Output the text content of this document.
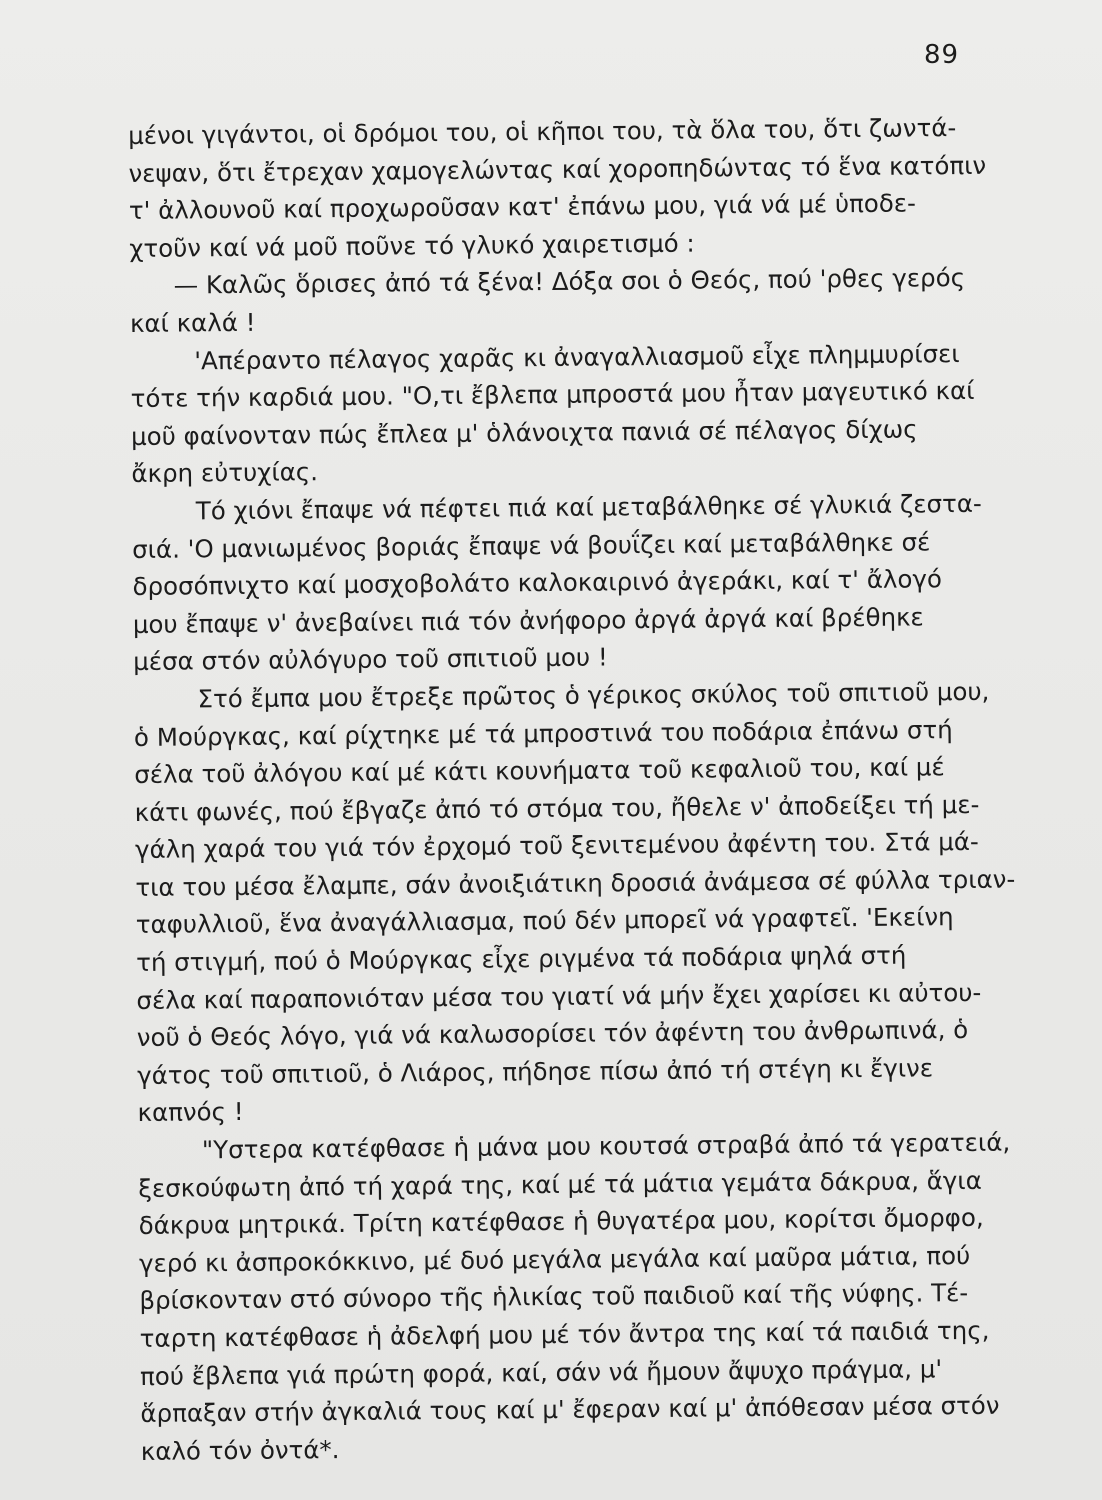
89
μένοι γιγάντοι, οἱ δρόμοι του, οἱ κῆποι του, τὰ ὅλα του, ὅτι ζωντά-
νεψαν, ὅτι ἔτρεχαν χαμογελώντας καί χοροπηδώντας τό ἕνα κατόπιν
τ' ἀλλουνοῦ καί προχωροῦσαν κατ' ἐπάνω μου, γιά νά μέ ὑποδε-
χτοῦν καί νά μοῦ ποῦνε τό γλυκό χαιρετισμό :
— Καλῶς ὅρισες ἀπό τά ξένα! Δόξα σοι ὁ Θεός, πού 'ρθες γερός
καί καλά !
'Απέραντο πέλαγος χαρᾶς κι ἀναγαλλιασμοῦ εἶχε πλημμυρίσει
τότε τήν καρδιά μου. "Ο,τι ἔβλεπα μπροστά μου ἦταν μαγευτικό καί
μοῦ φαίνονταν πώς ἔπλεα μ' ὁλάνοιχτα πανιά σέ πέλαγος δίχως
ἄκρη εὐτυχίας.
Τό χιόνι ἔπαψε νά πέφτει πιά καί μεταβάλθηκε σέ γλυκιά ζεστα-
σιά. 'Ο μανιωμένος βοριάς ἔπαψε νά βουΐζει καί μεταβάλθηκε σέ
δροσόπνιχτο καί μοσχοβολάτο καλοκαιρινό ἀγεράκι, καί τ' ἄλογό
μου ἔπαψε ν' ἀνεβαίνει πιά τόν ἀνήφορο ἀργά ἀργά καί βρέθηκε
μέσα στόν αὐλόγυρο τοῦ σπιτιοῦ μου !
Στό ἔμπα μου ἔτρεξε πρῶτος ὁ γέρικος σκύλος τοῦ σπιτιοῦ μου,
ὁ Μούργκας, καί ρίχτηκε μέ τά μπροστινά του ποδάρια ἐπάνω στή
σέλα τοῦ ἀλόγου καί μέ κάτι κουνήματα τοῦ κεφαλιοῦ του, καί μέ
κάτι φωνές, πού ἔβγαζε ἀπό τό στόμα του, ἤθελε ν' ἀποδείξει τή με-
γάλη χαρά του γιά τόν ἐρχομό τοῦ ξενιτεμένου ἀφέντη του. Στά μά-
τια του μέσα ἔλαμπε, σάν ἀνοιξιάτικη δροσιά ἀνάμεσα σέ φύλλα τριαν-
ταφυλλιοῦ, ἕνα ἀναγάλλιασμα, πού δέν μπορεῖ νά γραφτεῖ. 'Εκείνη
τή στιγμή, πού ὁ Μούργκας εἶχε ριγμένα τά ποδάρια ψηλά στή
σέλα καί παραπονιόταν μέσα του γιατί νά μήν ἔχει χαρίσει κι αὐτου-
νοῦ ὁ Θεός λόγο, γιά νά καλωσορίσει τόν ἀφέντη του ἀνθρωπινά, ὁ
γάτος τοῦ σπιτιοῦ, ὁ Λιάρος, πήδησε πίσω ἀπό τή στέγη κι ἔγινε
καπνός !
"Υστερα κατέφθασε ἡ μάνα μου κουτσά στραβά ἀπό τά γερατειά,
ξεσκούφωτη ἀπό τή χαρά της, καί μέ τά μάτια γεμάτα δάκρυα, ἅγια
δάκρυα μητρικά. Τρίτη κατέφθασε ἡ θυγατέρα μου, κορίτσι ὄμορφο,
γερό κι ἀσπροκόκκινο, μέ δυό μεγάλα μεγάλα καί μαῦρα μάτια, πού
βρίσκονταν στό σύνορο τῆς ἡλικίας τοῦ παιδιοῦ καί τῆς νύφης. Τέ-
ταρτη κατέφθασε ἡ ἀδελφή μου μέ τόν ἄντρα της καί τά παιδιά της,
πού ἔβλεπα γιά πρώτη φορά, καί, σάν νά ἤμουν ἄψυχο πράγμα, μ'
ἅρπαξαν στήν ἀγκαλιά τους καί μ' ἔφεραν καί μ' ἀπόθεσαν μέσα στόν
καλό τόν ὀντά*.
